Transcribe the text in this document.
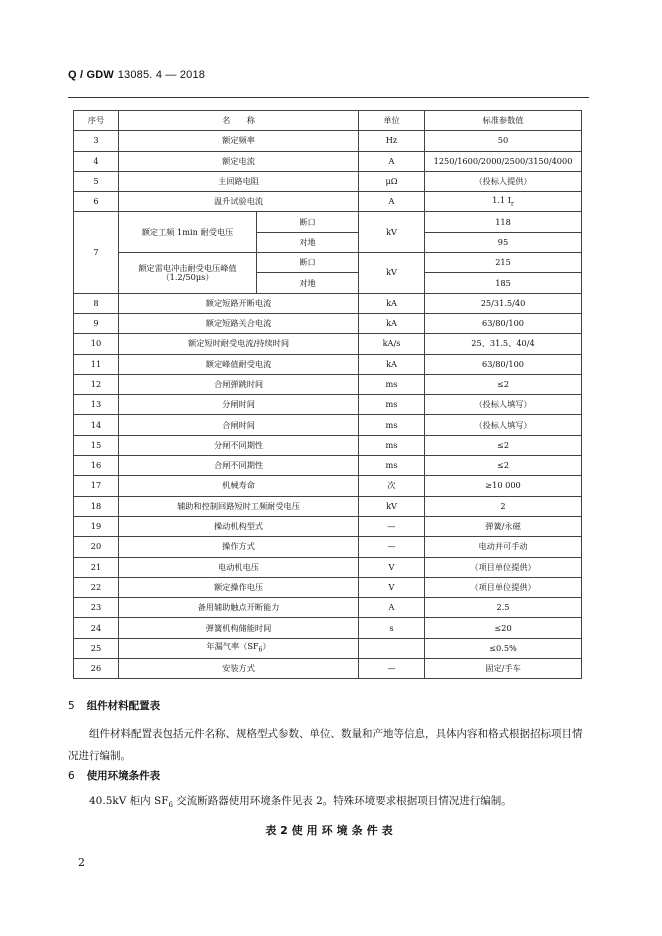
Q / GDW 13085. 4 — 2018
序号	名　　称		单位	标准参数值
3	额定频率		Hz	50
4	额定电流		A	1250/1600/2000/2500/3150/4000
5	主回路电阻		μΩ	（投标人提供）
6	温升试验电流		A	1.1 $I_r$
7	额定工频 1min 耐受电压	断口	kV	118
		对地		95
	额定雷电冲击耐受电压峰值（1.2/50μs）	断口	kV	215
		对地		185
8	额定短路开断电流		kA	25/31.5/40
9	额定短路关合电流		kA	63/80/100
10	额定短时耐受电流/持续时间		kA/s	25、31.5、40/4
11	额定峰值耐受电流		kA	63/80/100
12	合闸弹跳时间		ms	≤2
13	分闸时间		ms	（投标人填写）
14	合闸时间		ms	（投标人填写）
15	分闸不同期性		ms	≤2
16	合闸不同期性		ms	≤2
17	机械寿命		次	≥10 000
18	辅助和控制回路短时工频耐受电压		kV	2
19	操动机构型式		—	弹簧/永磁
20	操作方式		—	电动并可手动
21	电动机电压		V	（项目单位提供）
22	额定操作电压		V	（项目单位提供）
23	备用辅助触点开断能力		A	2.5
24	弹簧机构储能时间		s	≤20
25	年漏气率$(SF_6)$			≤0.5%
26	安装方式		—	固定/手车
5 组件材料配置表
组件材料配置表包括元件名称、规格型式参数、单位、数量和产地等信息，具体内容和格式根据招标项目情况进行编制。
6 使用环境条件表
40.5kV 柜内 $SF_6$ 交流断路器使用环境条件见表 2。特殊环境要求根据项目情况进行编制。
表 2 使用环境条件表
2
